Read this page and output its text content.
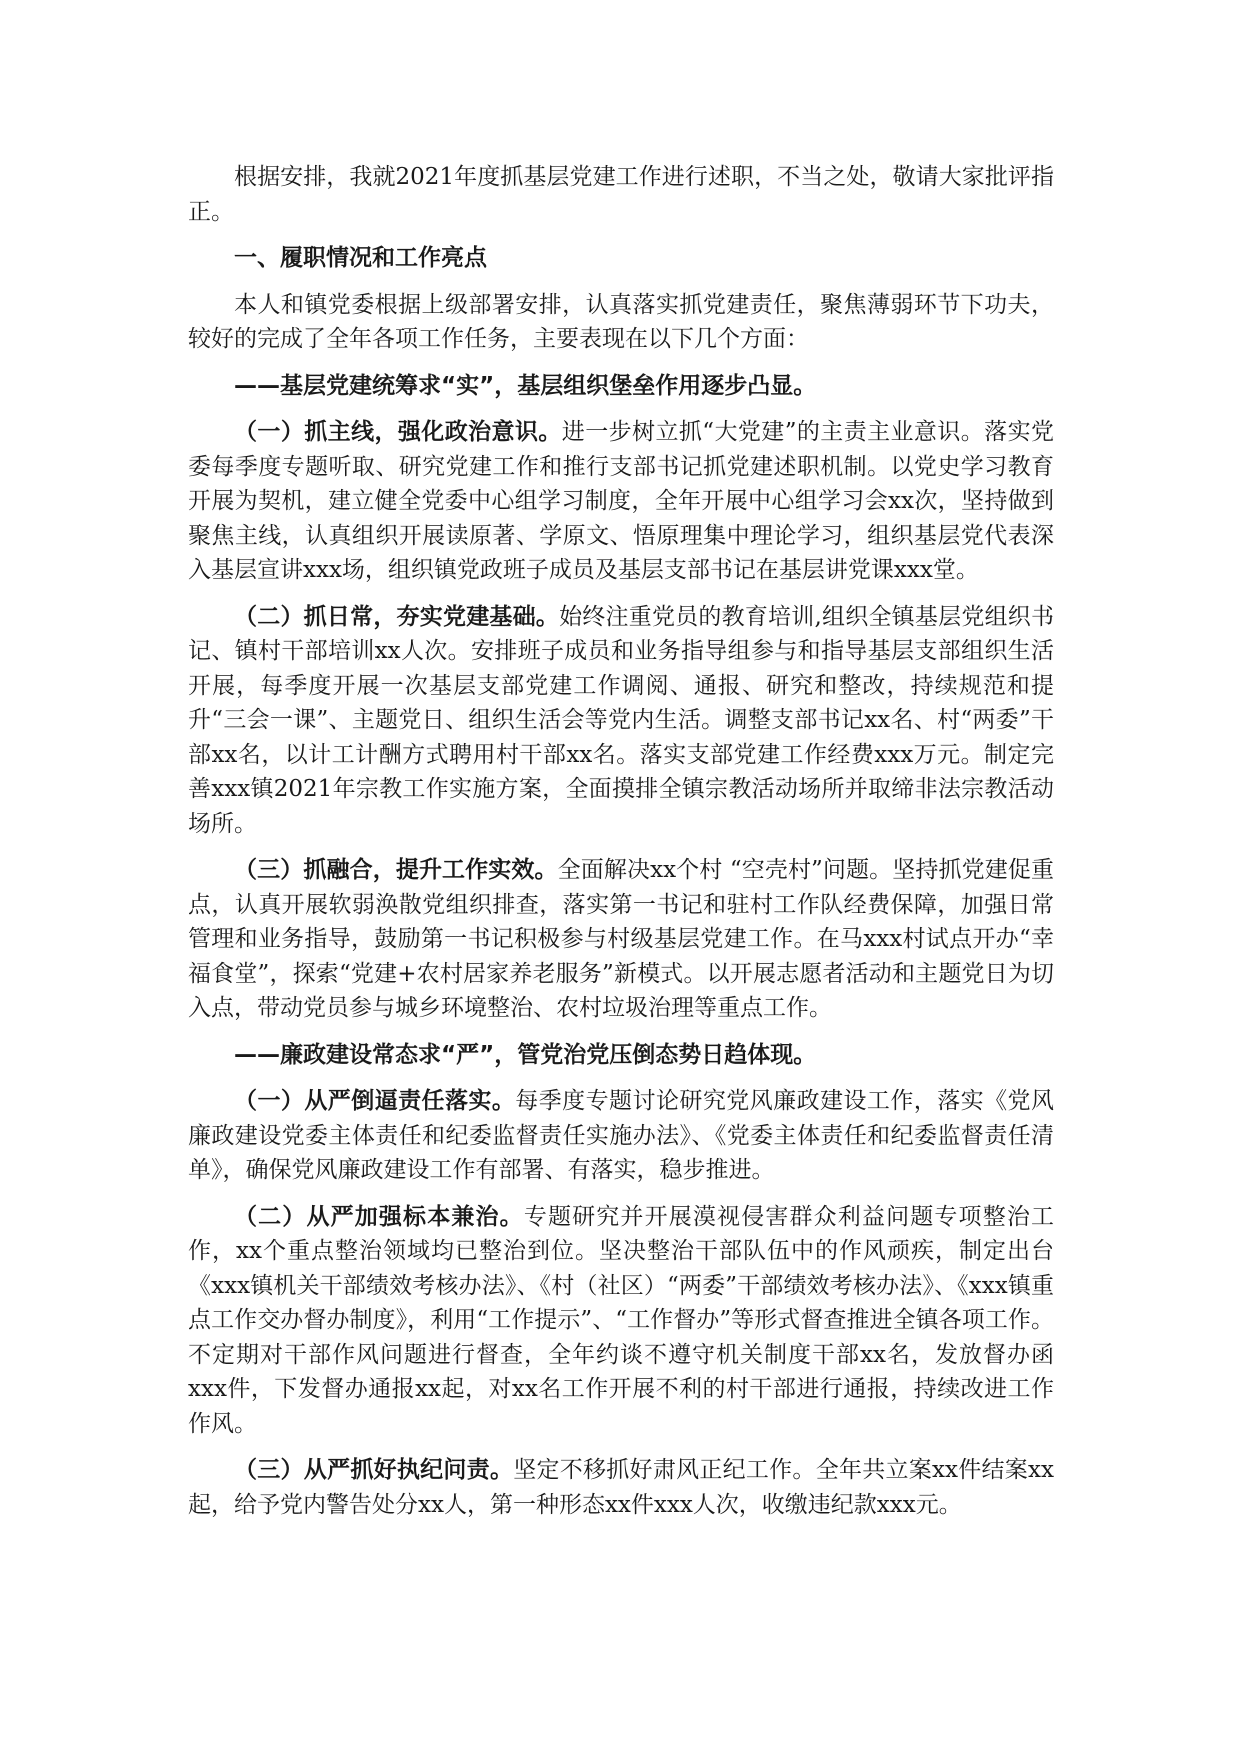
根据安排，我就2021年度抓基层党建工作进行述职，不当之处，敬请大家批评指正。

一、履职情况和工作亮点

本人和镇党委根据上级部署安排，认真落实抓党建责任，聚焦薄弱环节下功夫，较好的完成了全年各项工作任务，主要表现在以下几个方面：

——基层党建统筹求“实”，基层组织堡垒作用逐步凸显。

（一）抓主线，强化政治意识。进一步树立抓“大党建”的主责主业意识。落实党委每季度专题听取、研究党建工作和推行支部书记抓党建述职机制。以党史学习教育开展为契机，建立健全党委中心组学习制度，全年开展中心组学习会xx次，坚持做到聚焦主线，认真组织开展读原著、学原文、悟原理集中理论学习，组织基层党代表深入基层宣讲xxx场，组织镇党政班子成员及基层支部书记在基层讲党课xxx堂。

（二）抓日常，夯实党建基础。始终注重党员的教育培训,组织全镇基层党组织书记、镇村干部培训xx人次。安排班子成员和业务指导组参与和指导基层支部组织生活开展，每季度开展一次基层支部党建工作调阅、通报、研究和整改，持续规范和提升“三会一课”、主题党日、组织生活会等党内生活。调整支部书记xx名、村“两委”干部xx名，以计工计酬方式聘用村干部xx名。落实支部党建工作经费xxx万元。制定完善xxx镇2021年宗教工作实施方案，全面摸排全镇宗教活动场所并取缔非法宗教活动场所。

（三）抓融合，提升工作实效。全面解决xx个村 “空壳村”问题。坚持抓党建促重点，认真开展软弱涣散党组织排查，落实第一书记和驻村工作队经费保障，加强日常管理和业务指导，鼓励第一书记积极参与村级基层党建工作。在马xxx村试点开办“幸福食堂”，探索“党建+农村居家养老服务”新模式。以开展志愿者活动和主题党日为切入点，带动党员参与城乡环境整治、农村垃圾治理等重点工作。

——廉政建设常态求“严”，管党治党压倒态势日趋体现。

（一）从严倒逼责任落实。每季度专题讨论研究党风廉政建设工作，落实《党风廉政建设党委主体责任和纪委监督责任实施办法》、《党委主体责任和纪委监督责任清单》，确保党风廉政建设工作有部署、有落实，稳步推进。

（二）从严加强标本兼治。专题研究并开展漠视侵害群众利益问题专项整治工作，xx个重点整治领域均已整治到位。坚决整治干部队伍中的作风顽疾，制定出台《xxx镇机关干部绩效考核办法》、《村（社区）“两委”干部绩效考核办法》、《xxx镇重点工作交办督办制度》，利用“工作提示”、“工作督办”等形式督查推进全镇各项工作。不定期对干部作风问题进行督查，全年约谈不遵守机关制度干部xx名，发放督办函xxx件，下发督办通报xx起，对xx名工作开展不利的村干部进行通报，持续改进工作作风。

（三）从严抓好执纪问责。坚定不移抓好肃风正纪工作。全年共立案xx件结案xx起，给予党内警告处分xx人，第一种形态xx件xxx人次，收缴违纪款xxx元。
